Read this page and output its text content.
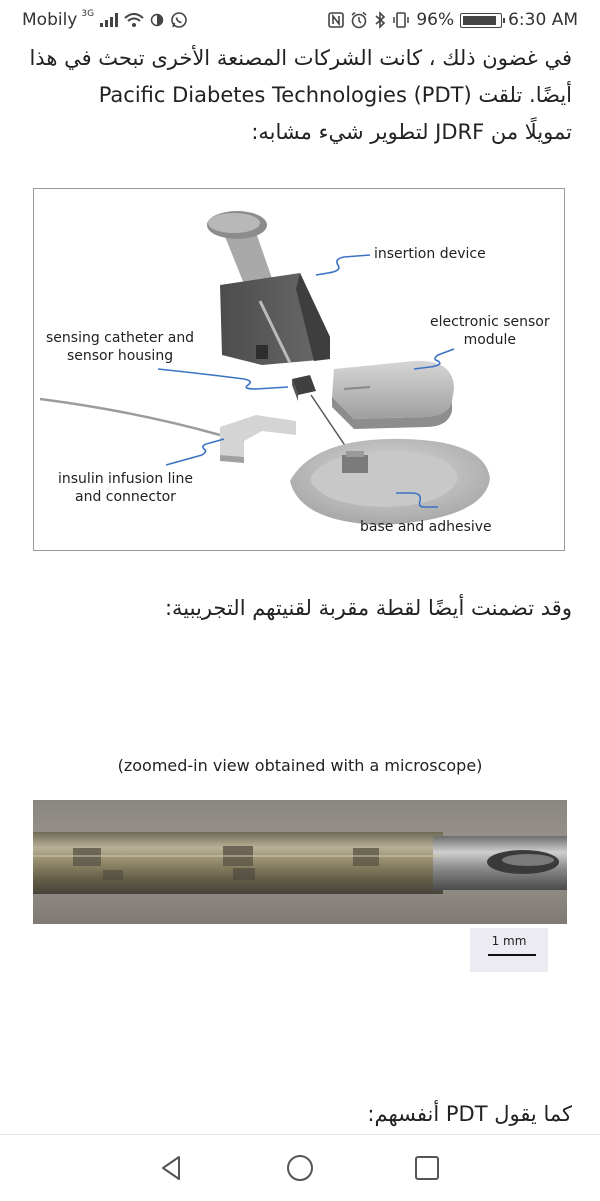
Mobily 3G	96%	6:30 AM
في غضون ذلك ، كانت الشركات المصنعة الأخرى تبحث في هذا
أيضًا. تلقت Pacific Diabetes Technologies (PDT)
تمويلًا من JDRF لتطوير شيء مشابه:
insertion device
electronic sensor
module
sensing catheter and
sensor housing
insulin infusion line
and connector
base and adhesive
وقد تضمنت أيضًا لقطة مقربة لقنيتهم التجريبية:
(zoomed-in view obtained with a microscope)
1 mm
كما يقول PDT أنفسهم:
